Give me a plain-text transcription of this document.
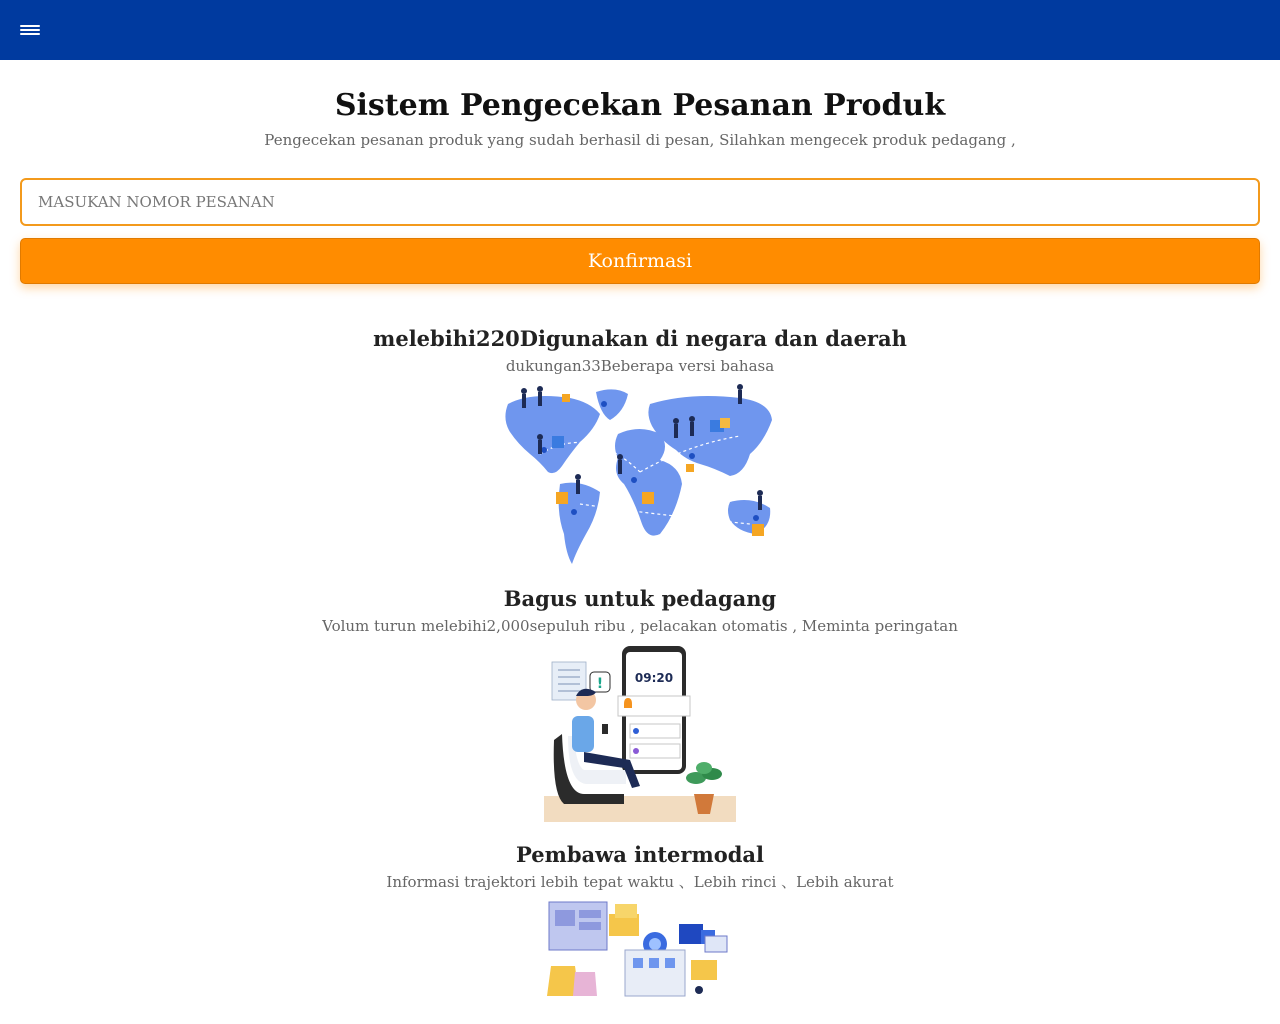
Sistem Pengecekan Pesanan Produk
Pengecekan pesanan produk yang sudah berhasil di pesan, Silahkan mengecek produk pedagang ,
MASUKAN NOMOR PESANAN Konfirmasi
melebihi220Digunakan di negara dan daerah
dukungan33Beberapa versi bahasa
Bagus untuk pedagang
Volum turun melebihi2,000sepuluh ribu , pelacakan otomatis , Meminta peringatan
!	09:20
Pembawa intermodal
Informasi trajektori lebih tepat waktu 、Lebih rinci 、Lebih akurat
